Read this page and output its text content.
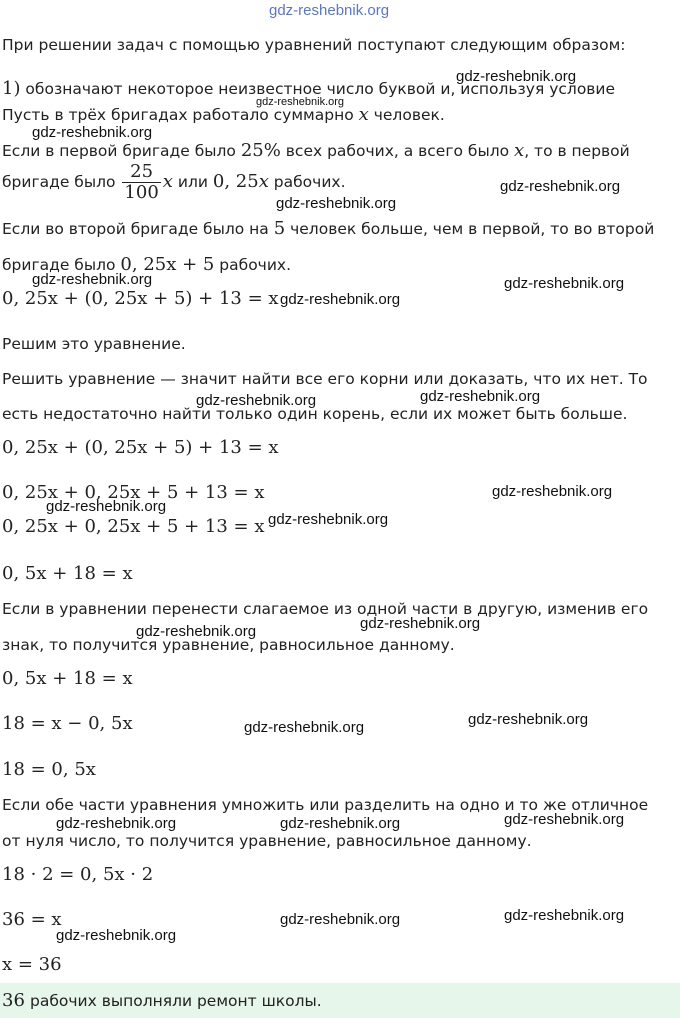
gdz-reshebnik.org
При решении задач с помощью уравнений поступают следующим образом:
1) обозначают некоторое неизвестное число буквой и, используя условие
gdz-reshebnik.org
gdz-reshebnik.org
Пусть в трёх бригадах работало суммарно x человек.
gdz-reshebnik.org
Если в первой бригаде было 25% всех рабочих, а всего было x, то в первой
бригаде было $\frac{25}{100}$ x или 0, 25x рабочих.	gdz-reshebnik.org
gdz-reshebnik.org
Если во второй бригаде было на 5 человек больше, чем в первой, то во второй
бригаде было 0, 25x + 5 рабочих.
gdz-reshebnik.org	gdz-reshebnik.org
0, 25x + (0, 25x + 5) + 13 = x gdz-reshebnik.org
Решим это уравнение.
Решить уравнение — значит найти все его корни или доказать, что их нет. То
gdz-reshebnik.org	gdz-reshebnik.org
есть недостаточно найти только один корень, если их может быть больше.
0, 25x + (0, 25x + 5) + 13 = x
0, 25x + 0, 25x + 5 + 13 = x	gdz-reshebnik.org
gdz-reshebnik.org
0, 25x + 0, 25x + 5 + 13 = x gdz-reshebnik.org
0, 5x + 18 = x
Если в уравнении перенести слагаемое из одной части в другую, изменив его
gdz-reshebnik.org	gdz-reshebnik.org
знак, то получится уравнение, равносильное данному.
0, 5x + 18 = x
18 = x − 0, 5x	gdz-reshebnik.org	gdz-reshebnik.org
18 = 0, 5x
Если обе части уравнения умножить или разделить на одно и то же отличное
gdz-reshebnik.org	gdz-reshebnik.org	gdz-reshebnik.org
от нуля число, то получится уравнение, равносильное данному.
18 · 2 = 0, 5x · 2
36 = x	gdz-reshebnik.org	gdz-reshebnik.org
gdz-reshebnik.org
x = 36
36 рабочих выполняли ремонт школы.
